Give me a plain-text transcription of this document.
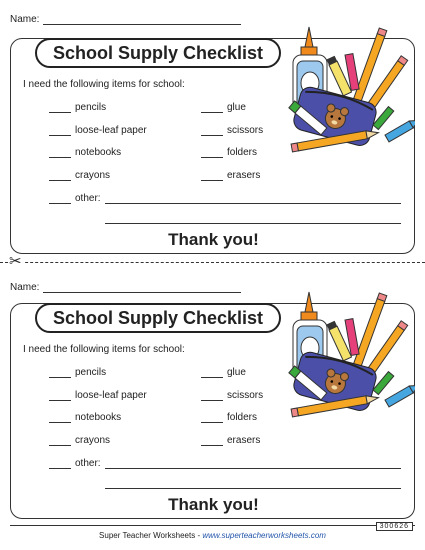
Name:
School Supply Checklist
I need the following items for school:
pencils
loose-leaf paper
notebooks
crayons
glue
scissors
folders
erasers
other:
Thank you!
✂
Name:
School Supply Checklist
I need the following items for school:
pencils
loose-leaf paper
notebooks
crayons
glue
scissors
folders
erasers
other:
Thank you!
Super Teacher Worksheets - www.superteacherworksheets.com
300626
